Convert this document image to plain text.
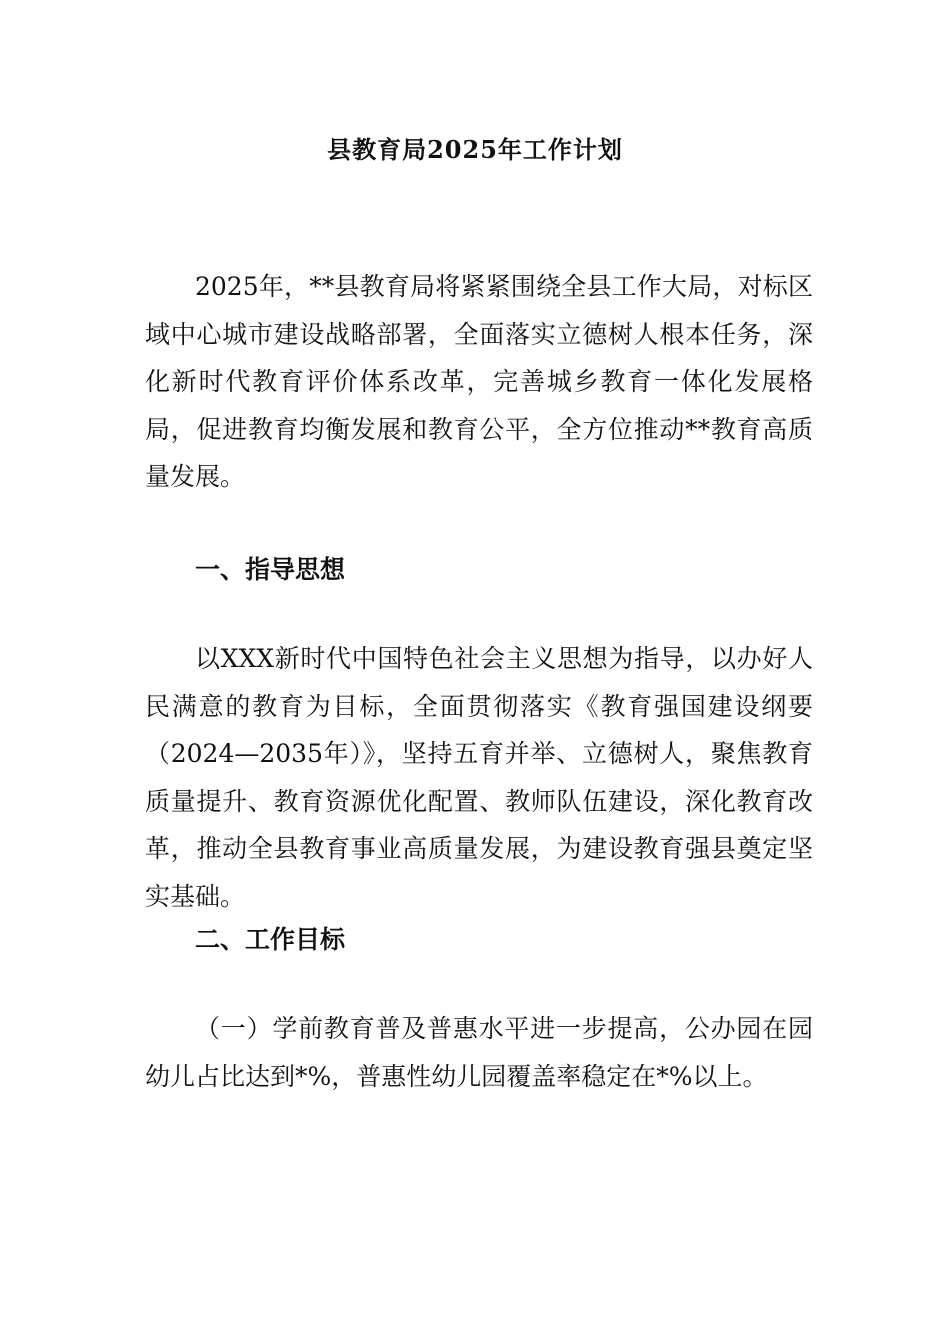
县教育局2025年工作计划
2025年，**县教育局将紧紧围绕全县工作大局，对标区域中心城市建设战略部署，全面落实立德树人根本任务，深化新时代教育评价体系改革，完善城乡教育一体化发展格局，促进教育均衡发展和教育公平，全方位推动**教育高质量发展。
一、指导思想
以XXX新时代中国特色社会主义思想为指导，以办好人民满意的教育为目标，全面贯彻落实《教育强国建设纲要（2024—2035年）》，坚持五育并举、立德树人，聚焦教育质量提升、教育资源优化配置、教师队伍建设，深化教育改革，推动全县教育事业高质量发展，为建设教育强县奠定坚实基础。
二、工作目标
（一）学前教育普及普惠水平进一步提高，公办园在园幼儿占比达到*%，普惠性幼儿园覆盖率稳定在*%以上。
